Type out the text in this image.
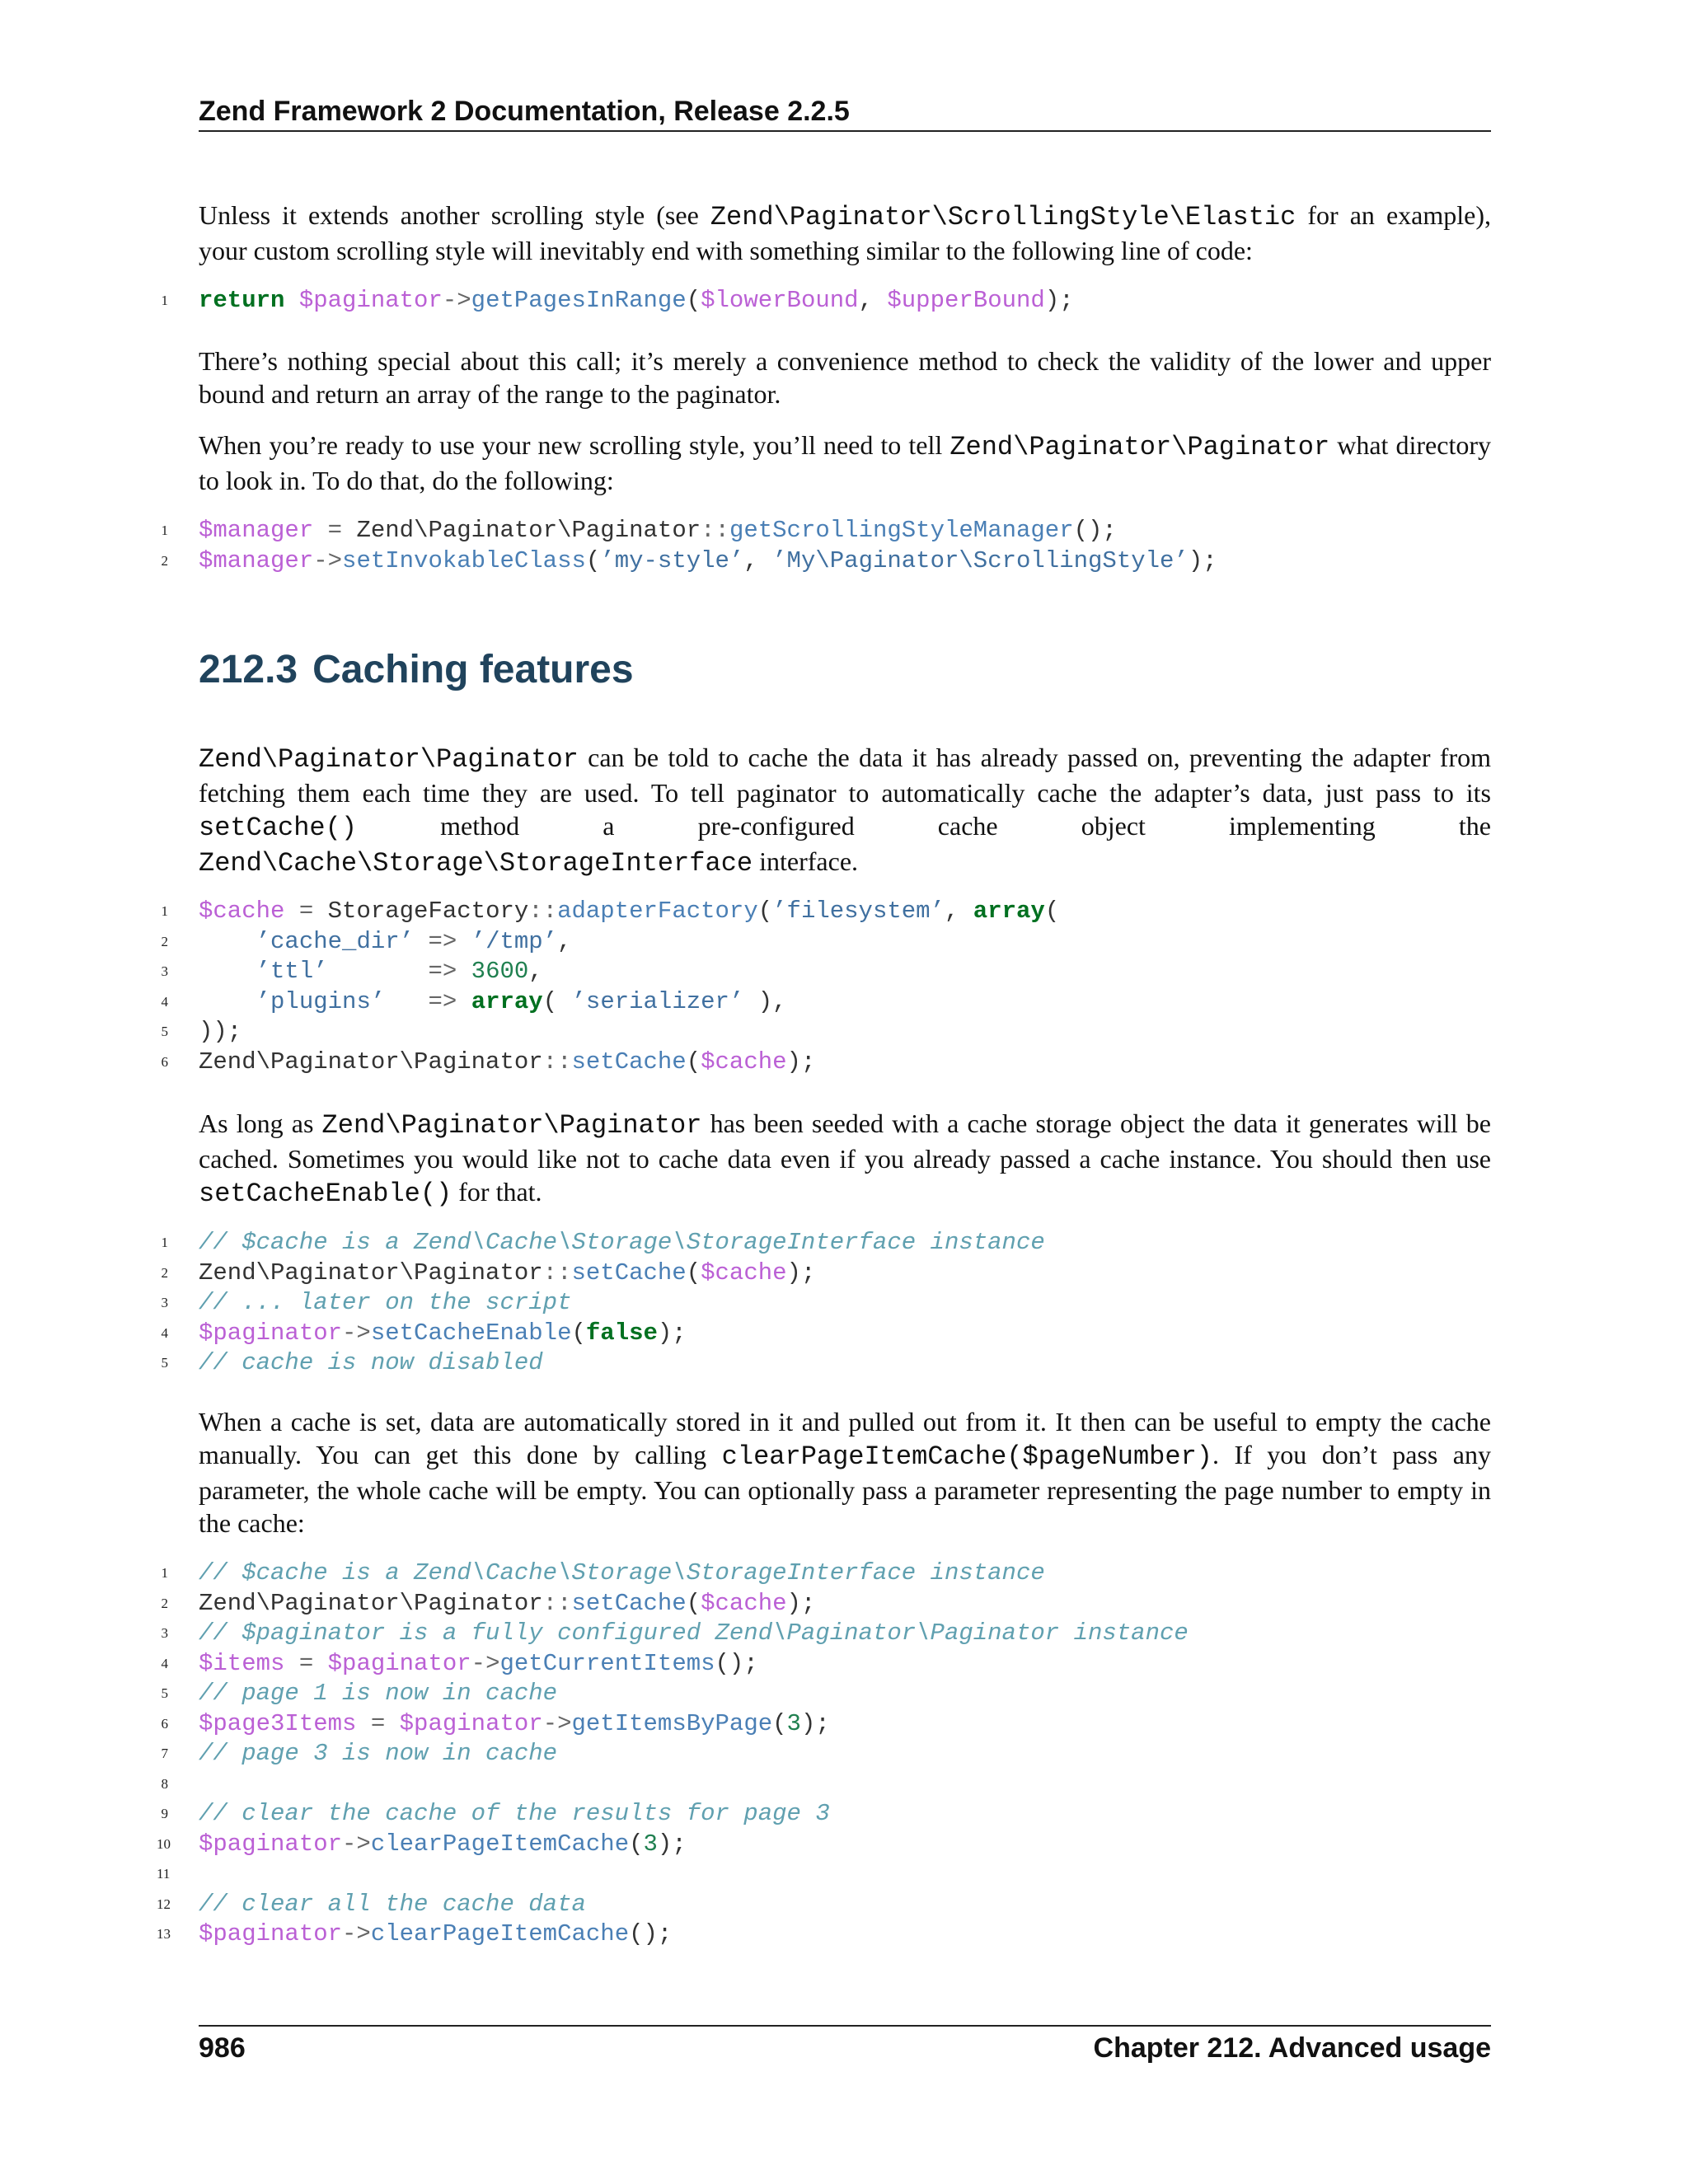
Zend Framework 2 Documentation, Release 2.2.5
Unless it extends another scrolling style (see Zend\Paginator\ScrollingStyle\Elastic for an example), your custom scrolling style will inevitably end with something similar to the following line of code:
1 return $paginator->getPagesInRange($lowerBound, $upperBound);
There’s nothing special about this call; it’s merely a convenience method to check the validity of the lower and upper bound and return an array of the range to the paginator.
When you’re ready to use your new scrolling style, you’ll need to tell Zend\Paginator\Paginator what directory to look in. To do that, do the following:
1 $manager = Zend\Paginator\Paginator::getScrollingStyleManager();
2 $manager->setInvokableClass(’my-style’, ’My\Paginator\ScrollingStyle’);
212.3 Caching features
Zend\Paginator\Paginator can be told to cache the data it has already passed on, preventing the adapter from fetching them each time they are used. To tell paginator to automatically cache the adapter’s data, just pass to its setCache() method a pre-configured cache object implementing the Zend\Cache\Storage\StorageInterface interface.
1 $cache = StorageFactory::adapterFactory(’filesystem’, array(
2	’cache_dir’ => ’/tmp’,
3	’ttl’       => 3600,
4	’plugins’   => array( ’serializer’ ),
5 ));
6 Zend\Paginator\Paginator::setCache($cache);
As long as Zend\Paginator\Paginator has been seeded with a cache storage object the data it generates will be cached. Sometimes you would like not to cache data even if you already passed a cache instance. You should then use setCacheEnable() for that.
1 // $cache is a Zend\Cache\Storage\StorageInterface instance
2 Zend\Paginator\Paginator::setCache($cache);
3 // ... later on the script
4 $paginator->setCacheEnable(false);
5 // cache is now disabled
When a cache is set, data are automatically stored in it and pulled out from it. It then can be useful to empty the cache manually. You can get this done by calling clearPageItemCache($pageNumber). If you don’t pass any parameter, the whole cache will be empty. You can optionally pass a parameter representing the page number to empty in the cache:
1 // $cache is a Zend\Cache\Storage\StorageInterface instance
2 Zend\Paginator\Paginator::setCache($cache);
3 // $paginator is a fully configured Zend\Paginator\Paginator instance
4 $items = $paginator->getCurrentItems();
5 // page 1 is now in cache
6 $page3Items = $paginator->getItemsByPage(3);
7 // page 3 is now in cache
8
9 // clear the cache of the results for page 3
10 $paginator->clearPageItemCache(3);
11
12 // clear all the cache data
13 $paginator->clearPageItemCache();
986	Chapter 212. Advanced usage
